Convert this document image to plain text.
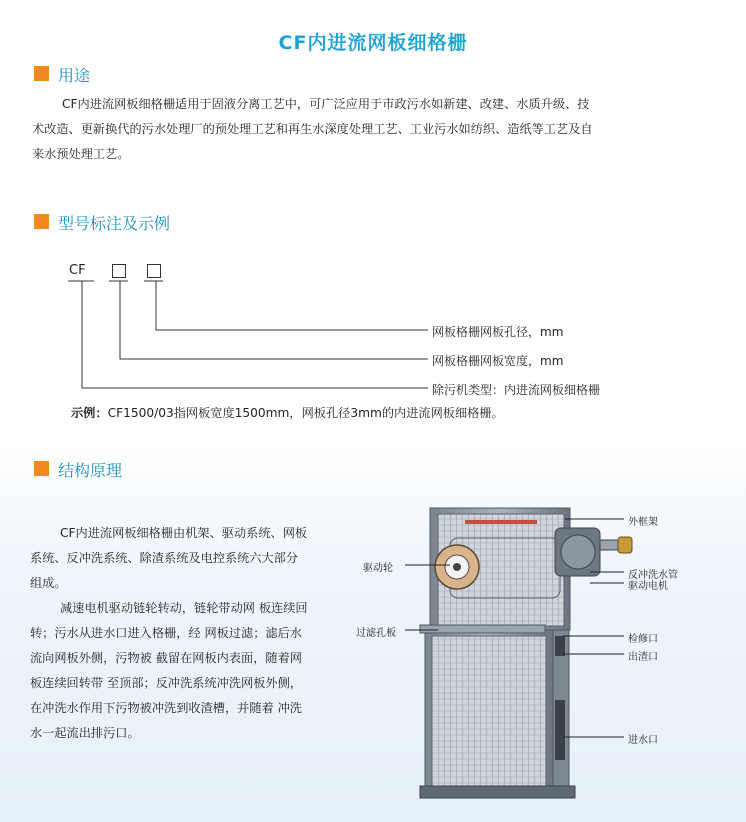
CF内进流网板细格栅
用途
CF内进流网板细格栅适用于固液分离工艺中，可广泛应用于市政污水如新建、改建、水质升级、技
术改造、更新换代的污水处理厂的预处理工艺和再生水深度处理工艺、工业污水如纺织、造纸等工艺及自
来水预处理工艺。
型号标注及示例
CF
网板格栅网板孔径，mm
网板格栅网板宽度，mm
除污机类型：内进流网板细格栅
示例：CF1500/03指网板宽度1500mm，网板孔径3mm的内进流网板细格栅。
结构原理
CF内进流网板细格栅由机架、驱动系统、网板
系统、反冲洗系统、除渣系统及电控系统六大部分
组成。
减速电机驱动链轮转动，链轮带动网 板连续回
转；污水从进水口进入格栅，经 网板过滤；滤后水
流向网板外侧，污物被 截留在网板内表面，随着网
板连续回转带 至顶部；反冲洗系统冲洗网板外侧，
在冲洗水作用下污物被冲洗到收渣槽，并随着 冲洗
水一起流出排污口。
外框架
驱动轮
反冲洗水管
驱动电机
过滤孔板
检修口
出渣口
进水口
